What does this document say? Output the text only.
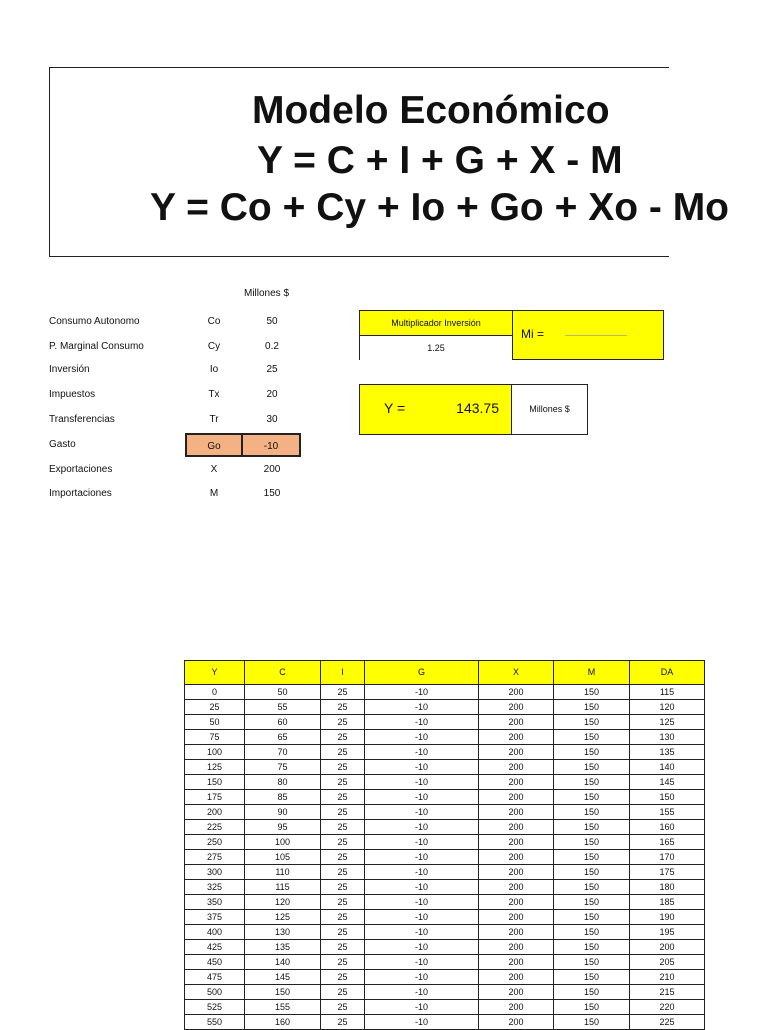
Modelo Económico
Y = C + I + G + X - M
Y = Co + Cy + Io + Go + Xo - Mo
Millones $
Consumo Autonomo	Co	50
P. Marginal Consumo	Cy	0.2
Inversión	Io	25
Impuestos	Tx	20
Transferencias	Tr	30
Gasto	Go	-10
Exportaciones	X	200
Importaciones	M	150
Multiplicador Inversión
1.25
Mi =
Y =	143.75	Millones $
Y	C	I	G	X	M	DA
0	50	25	-10	200	150	115
25	55	25	-10	200	150	120
50	60	25	-10	200	150	125
75	65	25	-10	200	150	130
100	70	25	-10	200	150	135
125	75	25	-10	200	150	140
150	80	25	-10	200	150	145
175	85	25	-10	200	150	150
200	90	25	-10	200	150	155
225	95	25	-10	200	150	160
250	100	25	-10	200	150	165
275	105	25	-10	200	150	170
300	110	25	-10	200	150	175
325	115	25	-10	200	150	180
350	120	25	-10	200	150	185
375	125	25	-10	200	150	190
400	130	25	-10	200	150	195
425	135	25	-10	200	150	200
450	140	25	-10	200	150	205
475	145	25	-10	200	150	210
500	150	25	-10	200	150	215
525	155	25	-10	200	150	220
550	160	25	-10	200	150	225
